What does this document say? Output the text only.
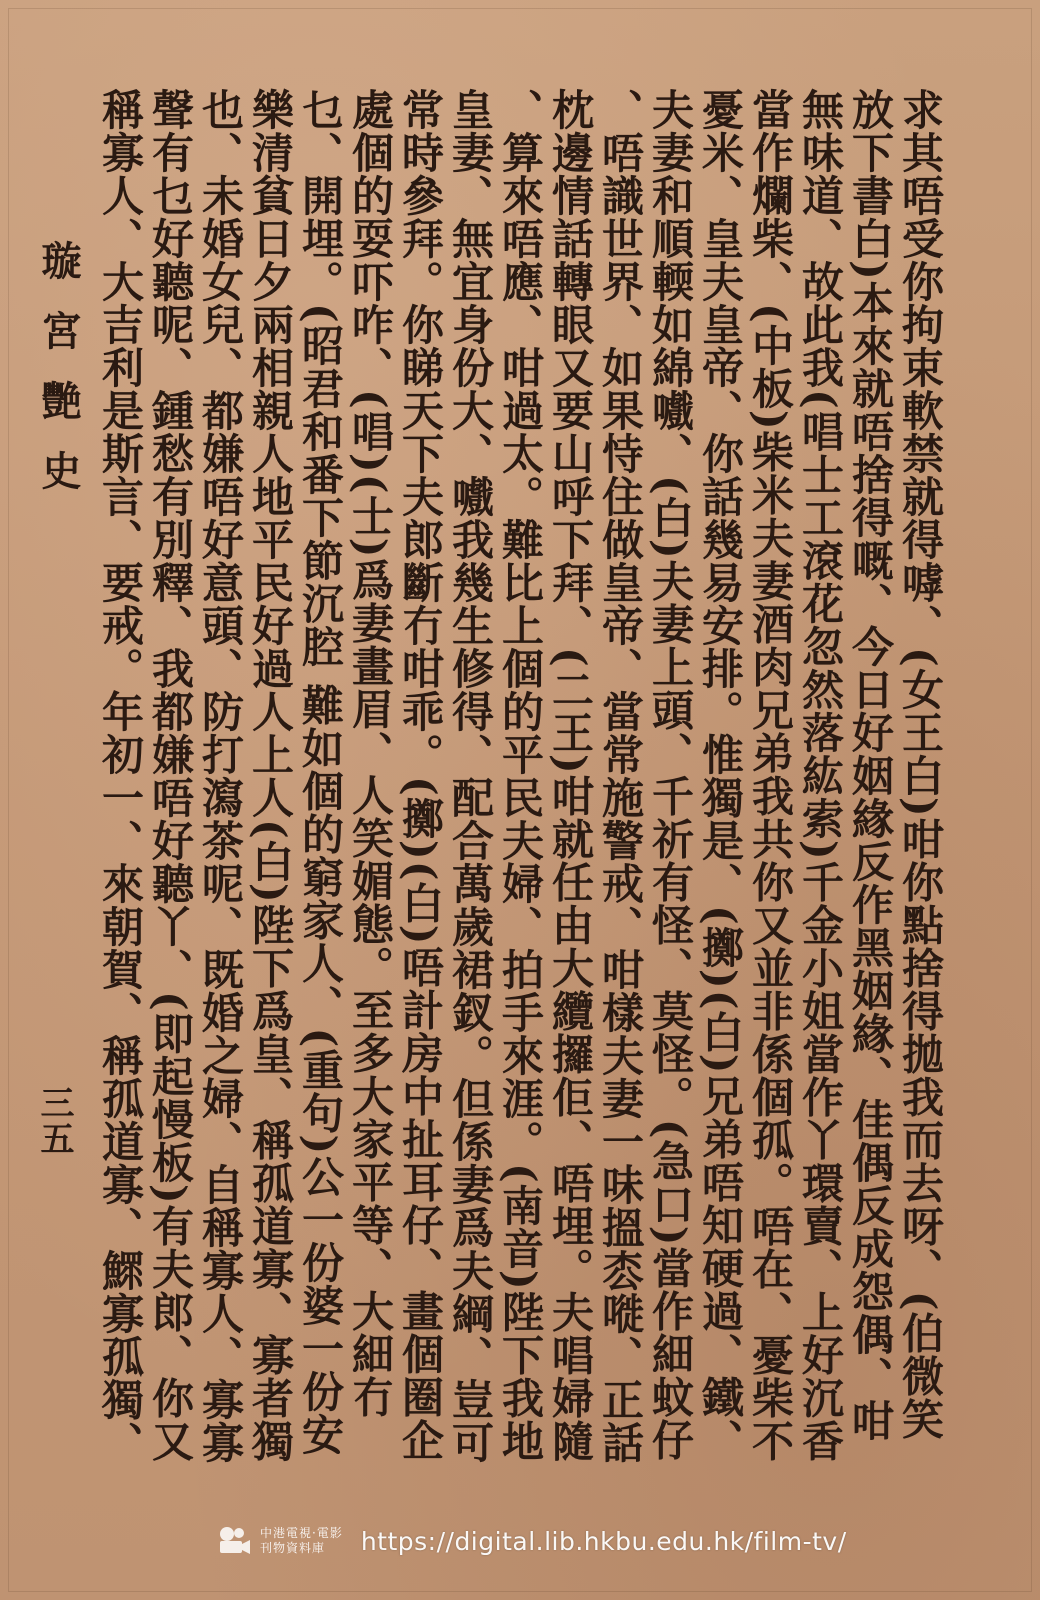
求其唔受你拘束軟禁就得嘑、(女王白)咁你點捨得拋我而去呀、(伯微笑
放下書白)本來就唔捨得嘅、今日好姻緣反作黑姻緣、佳偶反成怨偶、咁
無味道、故此我(唱士工滾花忽然落紘索)千金小姐當作丫環賣、上好沉香
當作爛柴、(中板)柴米夫妻酒肉兄弟我共你又並非係個孤。唔在、憂柴不
憂米、皇夫皇帝、你話幾易安排。惟獨是、(擲)(白)兄弟唔知硬過、鐵、
夫妻和順輭如綿嚱、(白)夫妻上頭、千祈有怪、莫怪。(急口)當作細蚊仔
、唔識世界、如果恃住做皇帝、當常施警戒、咁樣夫妻一味搵枩嘥、正話
枕邊情話轉眼又要山呼下拜、(二王)咁就任由大纜攞佢、唔埋。夫唱婦隨
、算來唔應、咁過太。難比上個的平民夫婦、拍手來涯。(南音)陛下我地
皇妻、無宜身份大、嚱我幾生修得、配合萬歲裙釵。但係妻爲夫綱、豈可
常時參拜。你睇天下夫郎斷冇咁乖。(擲)(白)唔計房中扯耳仔、畫個圈企
處個的耍吓咋、(唱)(士)爲妻畫眉、人笑媚態。至多大家平等、大細冇
乜、開埋。(昭君和番下節沉腔 難如個的窮家人、(重句)公一份婆一份安
樂清貧日夕兩相親人地平民好過人上人(白)陛下爲皇、稱孤道寡、寡者獨
也、未婚女兒、都嫌唔好意頭、防打瀉茶呢、既婚之婦、自稱寡人、寡寡
聲有乜好聽呢、鍾愁有別釋、我都嫌唔好聽丫、(即起慢板)有夫郎、你又
稱寡人、大吉利是斯言、要戒。年初一、來朝賀、稱孤道寡、鰥寡孤獨、
璇宮艷史
三五
中港電視·電影
刊物資料庫	https://digital.lib.hkbu.edu.hk/film-tv/
